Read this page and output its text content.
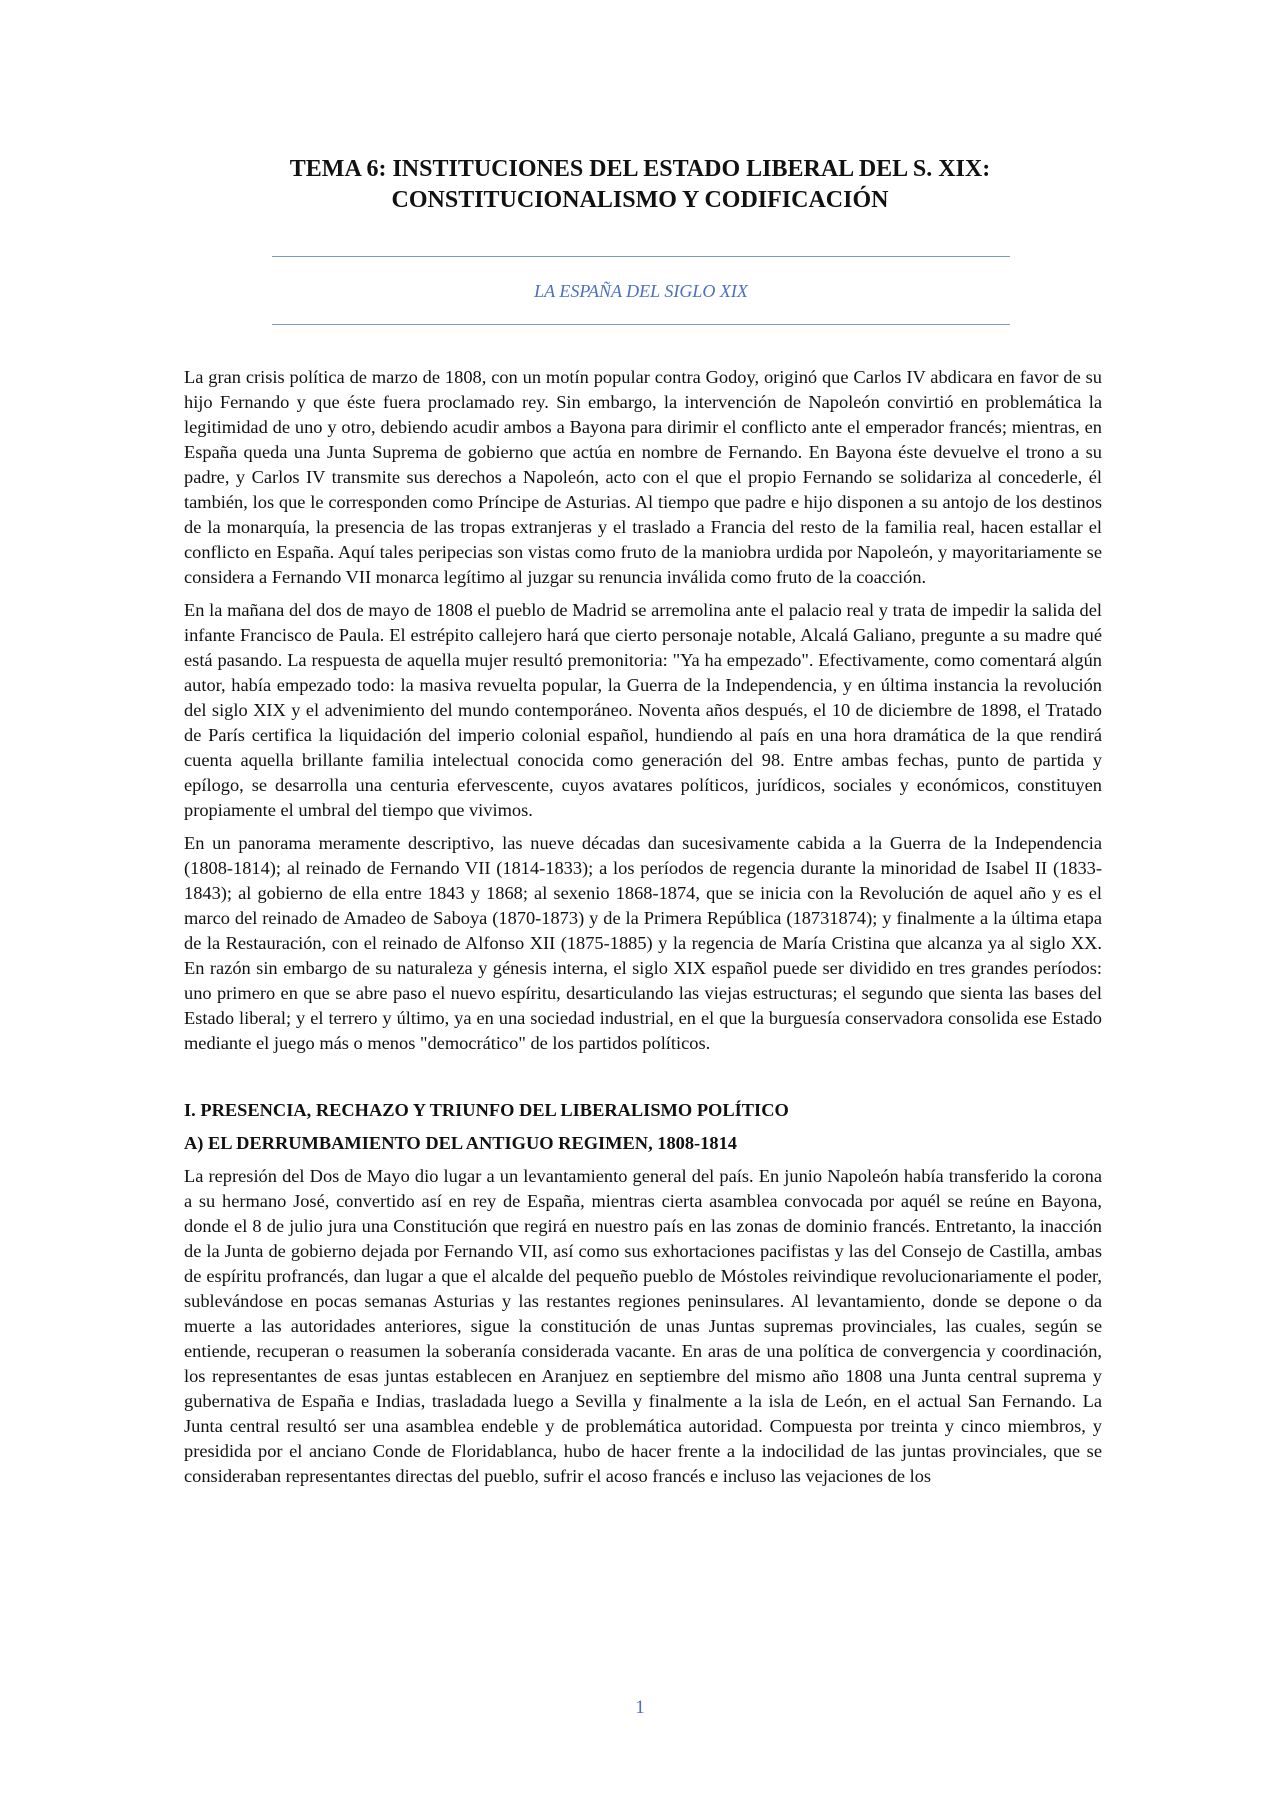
TEMA 6: INSTITUCIONES DEL ESTADO LIBERAL DEL S. XIX:

CONSTITUCIONALISMO Y CODIFICACIÓN

LA ESPAÑA DEL SIGLO XIX

La gran crisis política de marzo de 1808, con un motín popular contra Godoy, originó que Carlos IV abdicara en favor de su hijo Fernando y que éste fuera proclamado rey. Sin embargo, la intervención de Napoleón convirtió en problemática la legitimidad de uno y otro, debiendo acudir ambos a Bayona para dirimir el conflicto ante el emperador francés; mientras, en España queda una Junta Suprema de gobierno que actúa en nombre de Fernando. En Bayona éste devuelve el trono a su padre, y Carlos IV transmite sus derechos a Napoleón, acto con el que el propio Fernando se solidariza al concederle, él también, los que le corresponden como Príncipe de Asturias. Al tiempo que padre e hijo disponen a su antojo de los destinos de la monarquía, la presencia de las tropas extranjeras y el traslado a Francia del resto de la familia real, hacen estallar el conflicto en España. Aquí tales peripecias son vistas como fruto de la maniobra urdida por Napoleón, y mayoritariamente se considera a Fernando VII monarca legítimo al juzgar su renuncia inválida como fruto de la coacción.

En la mañana del dos de mayo de 1808 el pueblo de Madrid se arremolina ante el palacio real y trata de impedir la salida del infante Francisco de Paula. El estrépito callejero hará que cierto personaje notable, Alcalá Galiano, pregunte a su madre qué está pasando. La respuesta de aquella mujer resultó premonitoria: "Ya ha empezado". Efectivamente, como comentará algún autor, había empezado todo: la masiva revuelta popular, la Guerra de la Independencia, y en última instancia la revolución del siglo XIX y el advenimiento del mundo contemporáneo. Noventa años después, el 10 de diciembre de 1898, el Tratado de París certifica la liquidación del imperio colonial español, hundiendo al país en una hora dramática de la que rendirá cuenta aquella brillante familia intelectual conocida como generación del 98. Entre ambas fechas, punto de partida y epílogo, se desarrolla una centuria efervescente, cuyos avatares políticos, jurídicos, sociales y económicos, constituyen propiamente el umbral del tiempo que vivimos.

En un panorama meramente descriptivo, las nueve décadas dan sucesivamente cabida a la Guerra de la Independencia (1808-1814); al reinado de Fernando VII (1814-1833); a los períodos de regencia durante la minoridad de Isabel II (1833-1843); al gobierno de ella entre 1843 y 1868; al sexenio 1868-1874, que se inicia con la Revolución de aquel año y es el marco del reinado de Amadeo de Saboya (1870-1873) y de la Primera República (18731874); y finalmente a la última etapa de la Restauración, con el reinado de Alfonso XII (1875-1885) y la regencia de María Cristina que alcanza ya al siglo XX. En razón sin embargo de su naturaleza y génesis interna, el siglo XIX español puede ser dividido en tres grandes períodos: uno primero en que se abre paso el nuevo espíritu, desarticulando las viejas estructuras; el segundo que sienta las bases del Estado liberal; y el terrero y último, ya en una sociedad industrial, en el que la burguesía conservadora consolida ese Estado mediante el juego más o menos "democrático" de los partidos políticos.

I. PRESENCIA, RECHAZO Y TRIUNFO DEL LIBERALISMO POLÍTICO
A) EL DERRUMBAMIENTO DEL ANTIGUO REGIMEN, 1808-1814

La represión del Dos de Mayo dio lugar a un levantamiento general del país. En junio Napoleón había transferido la corona a su hermano José, convertido así en rey de España, mientras cierta asamblea convocada por aquél se reúne en Bayona, donde el 8 de julio jura una Constitución que regirá en nuestro país en las zonas de dominio francés. Entretanto, la inacción de la Junta de gobierno dejada por Fernando VII, así como sus exhortaciones pacifistas y las del Consejo de Castilla, ambas de espíritu profrancés, dan lugar a que el alcalde del pequeño pueblo de Móstoles reivindique revolucionariamente el poder, sublevándose en pocas semanas Asturias y las restantes regiones peninsulares. Al levantamiento, donde se depone o da muerte a las autoridades anteriores, sigue la constitución de unas Juntas supremas provinciales, las cuales, según se entiende, recuperan o reasumen la soberanía considerada vacante. En aras de una política de convergencia y coordinación, los representantes de esas juntas establecen en Aranjuez en septiembre del mismo año 1808 una Junta central suprema y gubernativa de España e Indias, trasladada luego a Sevilla y finalmente a la isla de León, en el actual San Fernando. La Junta central resultó ser una asamblea endeble y de problemática autoridad. Compuesta por treinta y cinco miembros, y presidida por el anciano Conde de Floridablanca, hubo de hacer frente a la indocilidad de las juntas provinciales, que se consideraban representantes directas del pueblo, sufrir el acoso francés e incluso las vejaciones de los

1
